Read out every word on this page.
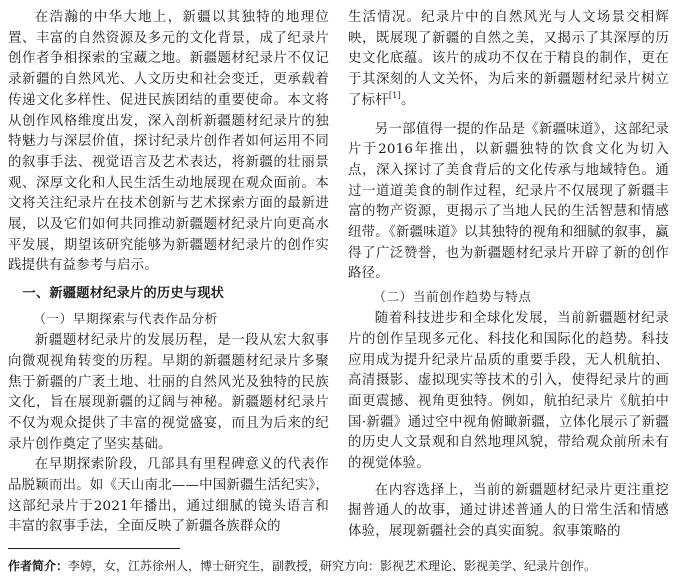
在浩瀚的中华大地上，新疆以其独特的地理位置、丰富的自然资源及多元的文化背景，成了纪录片创作者争相探索的宝藏之地。新疆题材纪录片不仅记录新疆的自然风光、人文历史和社会变迁，更承载着传递文化多样性、促进民族团结的重要使命。本文将从创作风格维度出发，深入剖析新疆题材纪录片的独特魅力与深层价值，探讨纪录片创作者如何运用不同的叙事手法、视觉语言及艺术表达，将新疆的壮丽景观、深厚文化和人民生活生动地展现在观众面前。本文将关注纪录片在技术创新与艺术探索方面的最新进展，以及它们如何共同推动新疆题材纪录片向更高水平发展，期望该研究能够为新疆题材纪录片的创作实践提供有益参考与启示。

一、新疆题材纪录片的历史与现状
（一）早期探索与代表作品分析

新疆题材纪录片的发展历程，是一段从宏大叙事向微观视角转变的历程。早期的新疆题材纪录片多聚焦于新疆的广袤土地、壮丽的自然风光及独特的民族文化，旨在展现新疆的辽阔与神秘。新疆题材纪录片不仅为观众提供了丰富的视觉盛宴，而且为后来的纪录片创作奠定了坚实基础。

在早期探索阶段，几部具有里程碑意义的代表作品脱颖而出。如《天山南北——中国新疆生活纪实》，这部纪录片于2021年播出，通过细腻的镜头语言和丰富的叙事手法，全面反映了新疆各族群众的

生活情况。纪录片中的自然风光与人文场景交相辉映，既展现了新疆的自然之美，又揭示了其深厚的历史文化底蕴。该片的成功不仅在于精良的制作，更在于其深刻的人文关怀，为后来的新疆题材纪录片树立了标杆[1]。

另一部值得一提的作品是《新疆味道》，这部纪录片于2016年推出，以新疆独特的饮食文化为切入点，深入探讨了美食背后的文化传承与地域特色。通过一道道美食的制作过程，纪录片不仅展现了新疆丰富的物产资源，更揭示了当地人民的生活智慧和情感纽带。《新疆味道》以其独特的视角和细腻的叙事，赢得了广泛赞誉，也为新疆题材纪录片开辟了新的创作路径。

（二）当前创作趋势与特点

随着科技进步和全球化发展，当前新疆题材纪录片的创作呈现多元化、科技化和国际化的趋势。科技应用成为提升纪录片品质的重要手段，无人机航拍、高清摄影、虚拟现实等技术的引入，使得纪录片的画面更震撼、视角更独特。例如，航拍纪录片《航拍中国·新疆》通过空中视角俯瞰新疆，立体化展示了新疆的历史人文景观和自然地理风貌，带给观众前所未有的视觉体验。

在内容选择上，当前的新疆题材纪录片更注重挖掘普通人的故事，通过讲述普通人的日常生活和情感体验，展现新疆社会的真实面貌。叙事策略的

作者简介：李婷，女，江苏徐州人，博士研究生，副教授，研究方向：影视艺术理论、影视美学、纪录片创作。
